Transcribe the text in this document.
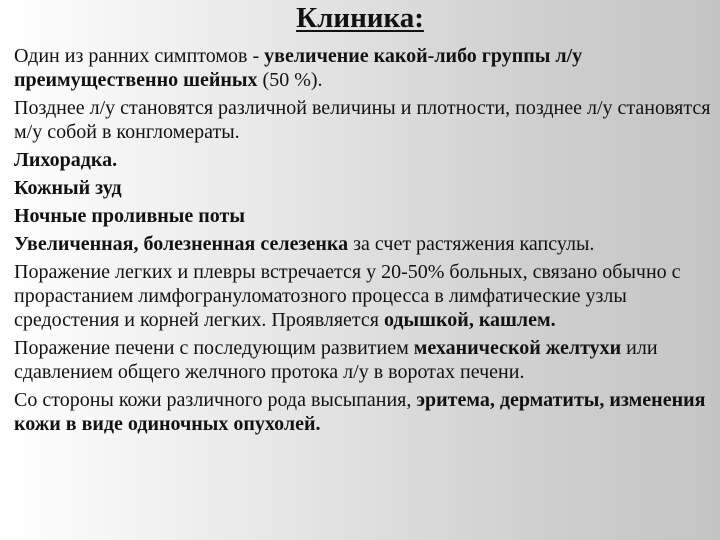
Клиника:

Один из ранних симптомов - увеличение какой-либо группы л/у преимущественно шейных (50 %).

Позднее л/у становятся различной величины и плотности, позднее л/у становятся м/у собой в конгломераты.

Лихорадка.

Кожный зуд

Ночные проливные поты

Увеличенная, болезненная селезенка за счет растяжения капсулы.

Поражение легких и плевры встречается у 20-50% больных, связано обычно с прорастанием лимфогрануломатозного процесса в лимфатические узлы средостения и корней легких. Проявляется одышкой, кашлем.

Поражение печени с последующим развитием механической желтухи или сдавлением общего желчного протока л/у в воротах печени.

Со стороны кожи различного рода высыпания, эритема, дерматиты, изменения кожи в виде одиночных опухолей.
